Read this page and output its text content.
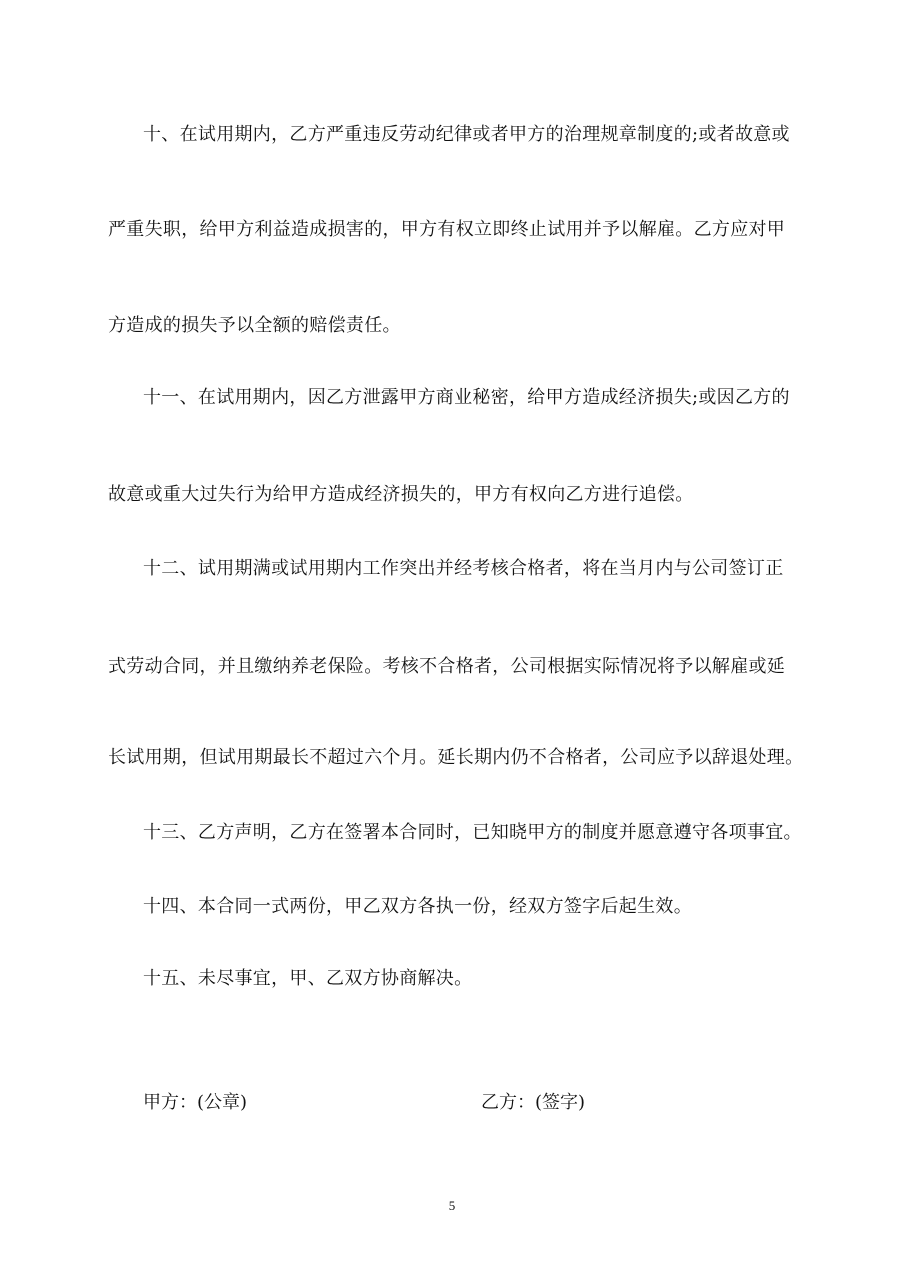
十、在试用期内，乙方严重违反劳动纪律或者甲方的治理规章制度的;或者故意或
严重失职，给甲方利益造成损害的，甲方有权立即终止试用并予以解雇。乙方应对甲
方造成的损失予以全额的赔偿责任。
十一、在试用期内，因乙方泄露甲方商业秘密，给甲方造成经济损失;或因乙方的
故意或重大过失行为给甲方造成经济损失的，甲方有权向乙方进行追偿。
十二、试用期满或试用期内工作突出并经考核合格者，将在当月内与公司签订正
式劳动合同，并且缴纳养老保险。考核不合格者，公司根据实际情况将予以解雇或延
长试用期，但试用期最长不超过六个月。延长期内仍不合格者，公司应予以辞退处理。
十三、乙方声明，乙方在签署本合同时，已知晓甲方的制度并愿意遵守各项事宜。
十四、本合同一式两份，甲乙双方各执一份，经双方签字后起生效。
十五、未尽事宜，甲、乙双方协商解决。
甲方：(公章)	乙方：(签字)
5
